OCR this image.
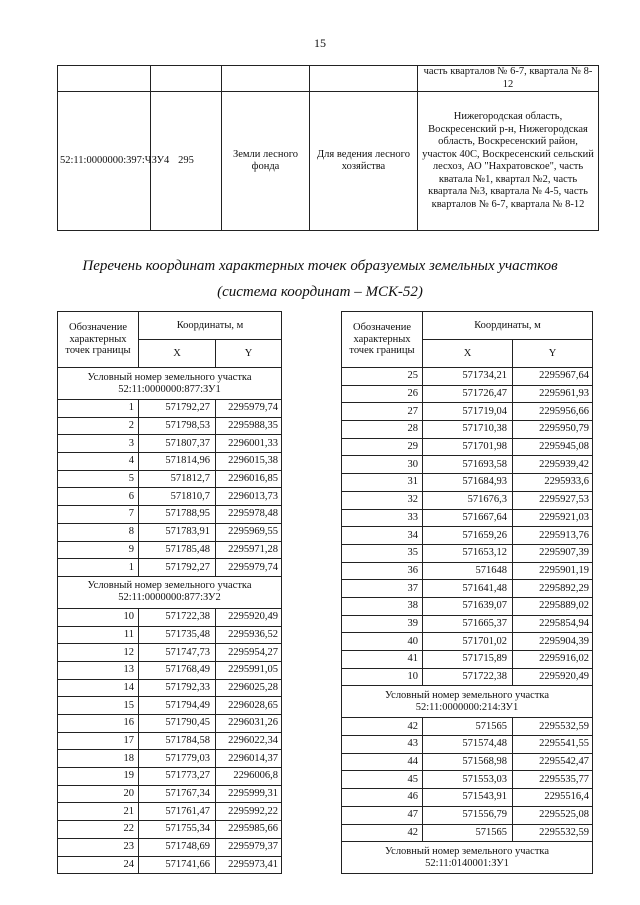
15
				часть кварталов № 6-7, квартала № 8-12
52:11:0000000:397:ЧЗУ4	295	Земли лесного фонда	Для ведения лесного хозяйства	Нижегородская область, Воскресенский р-н, Нижегородская область, Воскресенский район, участок 40С, Воскресенский сельский лесхоз, АО "Нахратовское", часть кватала №1, квартал №2, часть квартала №3, квартала № 4-5, часть кварталов № 6-7, квартала № 8-12
Перечень координат характерных точек образуемых земельных участков
(система координат – МСК-52)
Обозначение характерных точек границы	Координаты, м	
	X	Y
Условный номер земельного участка 52:11:0000000:877:ЗУ1		
1	571792,27	2295979,74
2	571798,53	2295988,35
3	571807,37	2296001,33
4	571814,96	2296015,38
5	571812,7	2296016,85
6	571810,7	2296013,73
7	571788,95	2295978,48
8	571783,91	2295969,55
9	571785,48	2295971,28
1	571792,27	2295979,74
Условный номер земельного участка 52:11:0000000:877:ЗУ2		
10	571722,38	2295920,49
11	571735,48	2295936,52
12	571747,73	2295954,27
13	571768,49	2295991,05
14	571792,33	2296025,28
15	571794,49	2296028,65
16	571790,45	2296031,26
17	571784,58	2296022,34
18	571779,03	2296014,37
19	571773,27	2296006,8
20	571767,34	2295999,31
21	571761,47	2295992,22
22	571755,34	2295985,66
23	571748,69	2295979,37
24	571741,66	2295973,41
Обозначение характерных точек границы	Координаты, м	
	X	Y
25	571734,21	2295967,64
26	571726,47	2295961,93
27	571719,04	2295956,66
28	571710,38	2295950,79
29	571701,98	2295945,08
30	571693,58	2295939,42
31	571684,93	2295933,6
32	571676,3	2295927,53
33	571667,64	2295921,03
34	571659,26	2295913,76
35	571653,12	2295907,39
36	571648	2295901,19
37	571641,48	2295892,29
38	571639,07	2295889,02
39	571665,37	2295854,94
40	571701,02	2295904,39
41	571715,89	2295916,02
10	571722,38	2295920,49
Условный номер земельного участка 52:11:0000000:214:ЗУ1		
42	571565	2295532,59
43	571574,48	2295541,55
44	571568,98	2295542,47
45	571553,03	2295535,77
46	571543,91	2295516,4
47	571556,79	2295525,08
42	571565	2295532,59
Условный номер земельного участка 52:11:0140001:ЗУ1		
